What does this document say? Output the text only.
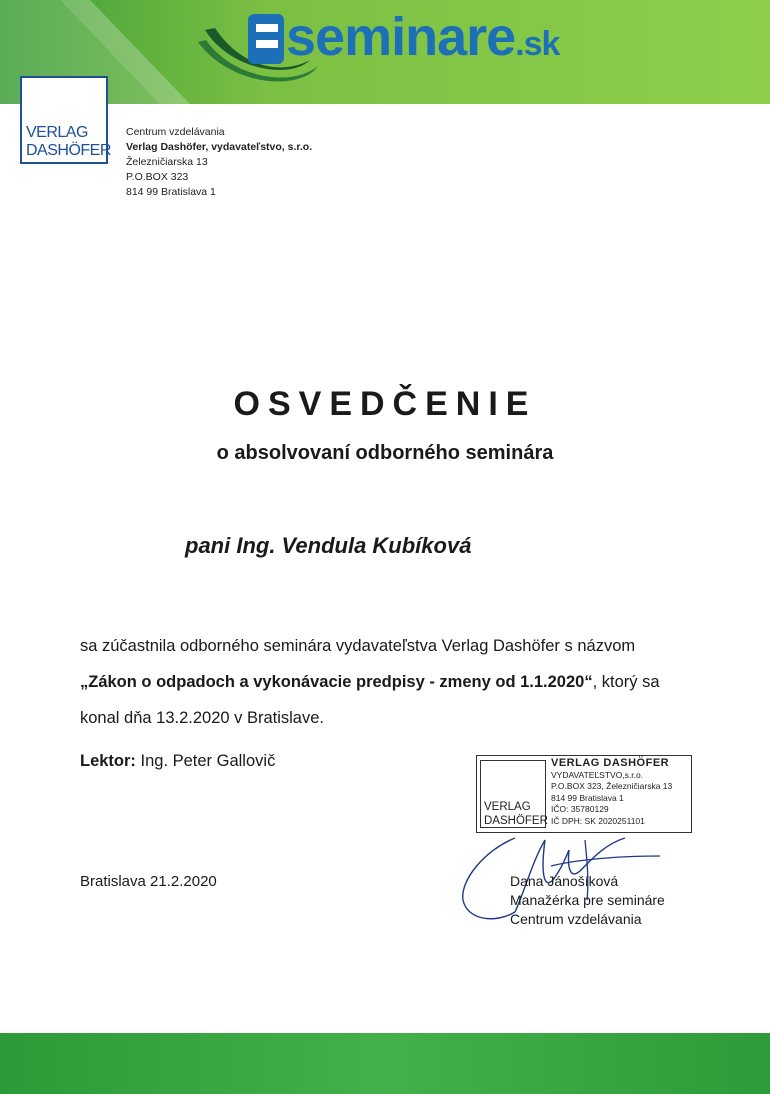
seminare.sk
VERLAG
DASHÖFER
Centrum vzdelávania
Verlag Dashöfer, vydavateľstvo, s.r.o.
Železničiarska 13
P.O.BOX 323
814 99 Bratislava 1
OSVEDČENIE
o absolvovaní odborného seminára
pani Ing. Vendula Kubíková
sa zúčastnila odborného seminára vydavateľstva Verlag Dashöfer s názvom
„Zákon o odpadoch a vykonávacie predpisy - zmeny od 1.1.2020“, ktorý sa
konal dňa 13.2.2020 v Bratislave.
Lektor: Ing. Peter Gallovič
Bratislava 21.2.2020
VERLAG
DASHÖFER
VERLAG DASHÖFER
VYDAVATEĽSTVO,s.r.o.
P.O.BOX 323, Železničiarska 13
814 99 Bratislava 1
IČO: 35780129
IČ DPH: SK 2020251101
Dana Jánošíková
Manažérka pre semináre
Centrum vzdelávania
